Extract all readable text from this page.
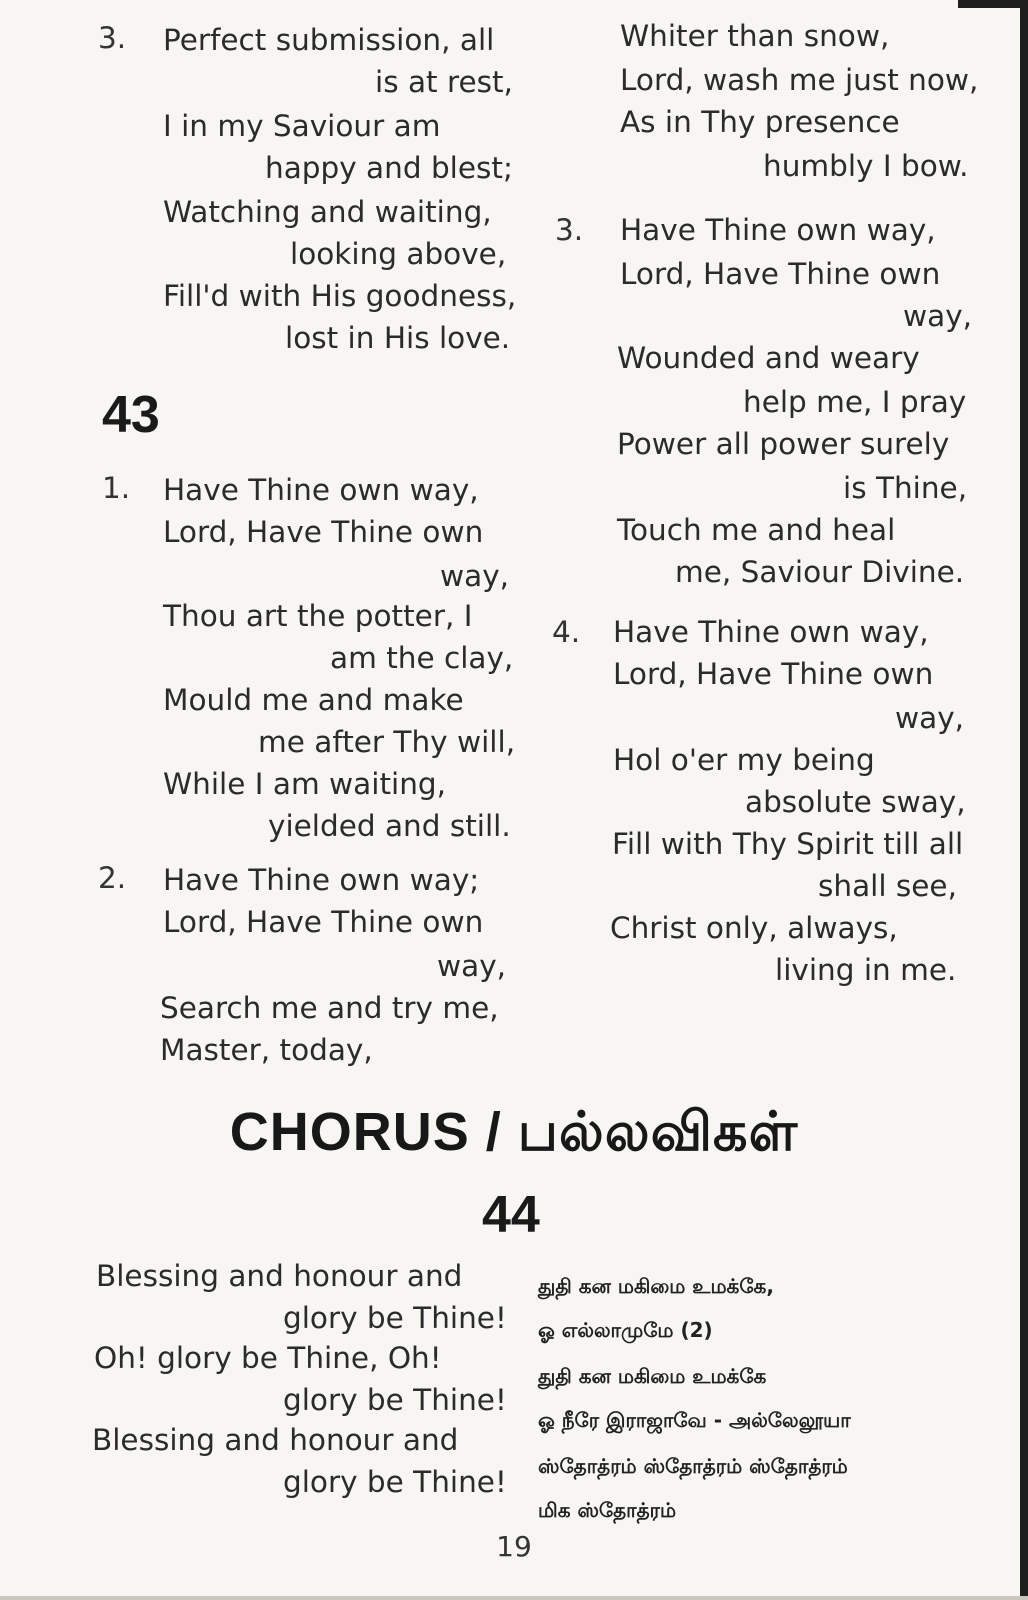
3. Perfect submission, all
is at rest,
I in my Saviour am
happy and blest;
Watching and waiting,
looking above,
Fill'd with His goodness,
lost in His love.
Whiter than snow,
Lord, wash me just now,
As in Thy presence
humbly I bow.
43
1. Have Thine own way,
Lord, Have Thine own
way,
Thou art the potter, I
am the clay,
Mould me and make
me after Thy will,
While I am waiting,
yielded and still.
2. Have Thine own way;
Lord, Have Thine own
way,
Search me and try me,
Master, today,
3. Have Thine own way,
Lord, Have Thine own
way,
Wounded and weary
help me, I pray
Power all power surely
is Thine,
Touch me and heal
me, Saviour Divine.
4. Have Thine own way,
Lord, Have Thine own
way,
Hol o'er my being
absolute sway,
Fill with Thy Spirit till all
shall see,
Christ only, always,
living in me.
CHORUS / பல்லவிகள்
44
Blessing and honour and
glory be Thine!
Oh! glory be Thine, Oh!
glory be Thine!
Blessing and honour and
glory be Thine!
துதி கன மகிமை உமக்கே,
ஓ எல்லாமுமே (2)
துதி கன மகிமை உமக்கே
ஓ நீரே இராஜாவே - அல்லேலூயா
ஸ்தோத்ரம் ஸ்தோத்ரம் ஸ்தோத்ரம்
மிக ஸ்தோத்ரம்
19
